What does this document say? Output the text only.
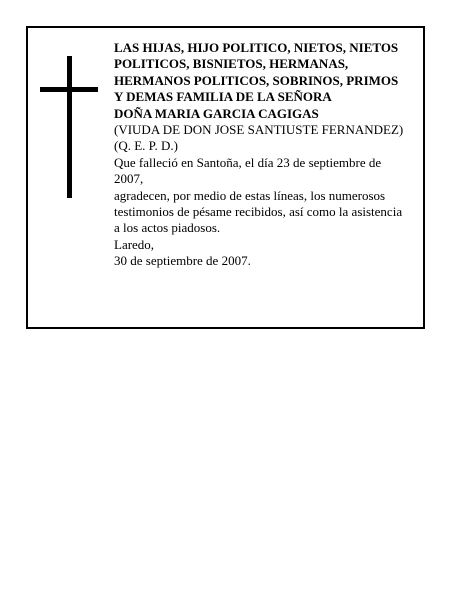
LAS HIJAS, HIJO POLITICO, NIETOS, NIETOS
POLITICOS, BISNIETOS, HERMANAS,
HERMANOS POLITICOS, SOBRINOS, PRIMOS
Y DEMAS FAMILIA DE LA SEÑORA
DOÑA MARIA GARCIA CAGIGAS
(VIUDA DE DON JOSE SANTIUSTE FERNANDEZ)
(Q. E. P. D.)
Que falleció en Santoña, el día 23 de septiembre de
2007,
agradecen, por medio de estas líneas, los numerosos
testimonios de pésame recibidos, así como la asistencia
a los actos piadosos.
Laredo,
30 de septiembre de 2007.
